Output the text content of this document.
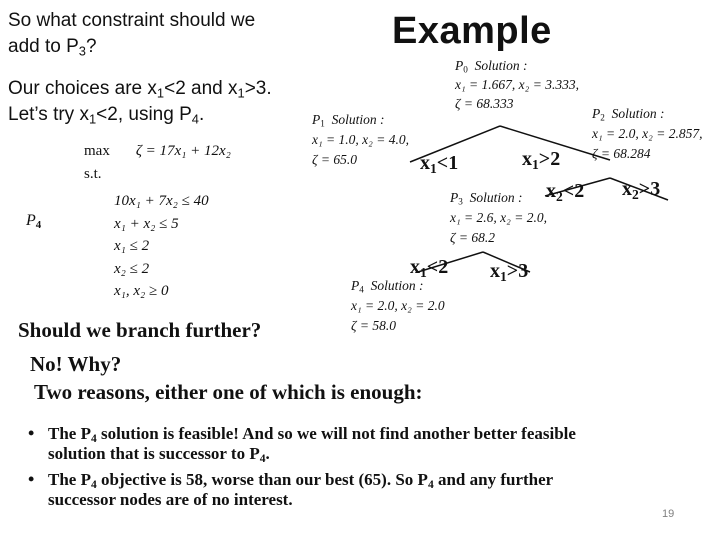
So what constraint should we
add to $P_3$?
Our choices are $x_1<2$ and $x_1>3$.
Let’s try $x_1<2$, using $P_4$.
Example
$P_4$
max ζ = 17x₁ + 12x₂
s.t.
10x₁ + 7x₂ ≤ 40
x₁ + x₂ ≤ 5
x₁ ≤ 2
x₂ ≤ 2
x₁, x₂ ≥ 0
$P_0$ Solution :
x₁ = 1.667, x₂ = 3.333,
ζ = 68.333
$P_1$ Solution :
x₁ = 1.0, x₂ = 4.0,
ζ = 65.0
$P_2$ Solution :
x₁ = 2.0, x₂ = 2.857,
ζ = 68.284
$P_3$ Solution :
x₁ = 2.6, x₂ = 2.0,
ζ = 68.2
$P_4$ Solution :
x₁ = 2.0, x₂ = 2.0
ζ = 58.0
$x_1<1$	$x_1>2$
$x_2<2$ $x_2>3$
$x_1<2$ $x_1>3$
Should we branch further?
No! Why?
Two reasons, either one of which is enough:
• The $P_4$ solution is feasible! And so we will not find another better feasible
solution that is successor to $P_4$.
• The $P_4$ objective is 58, worse than our best (65). So $P_4$ and any further
successor nodes are of no interest.
19
